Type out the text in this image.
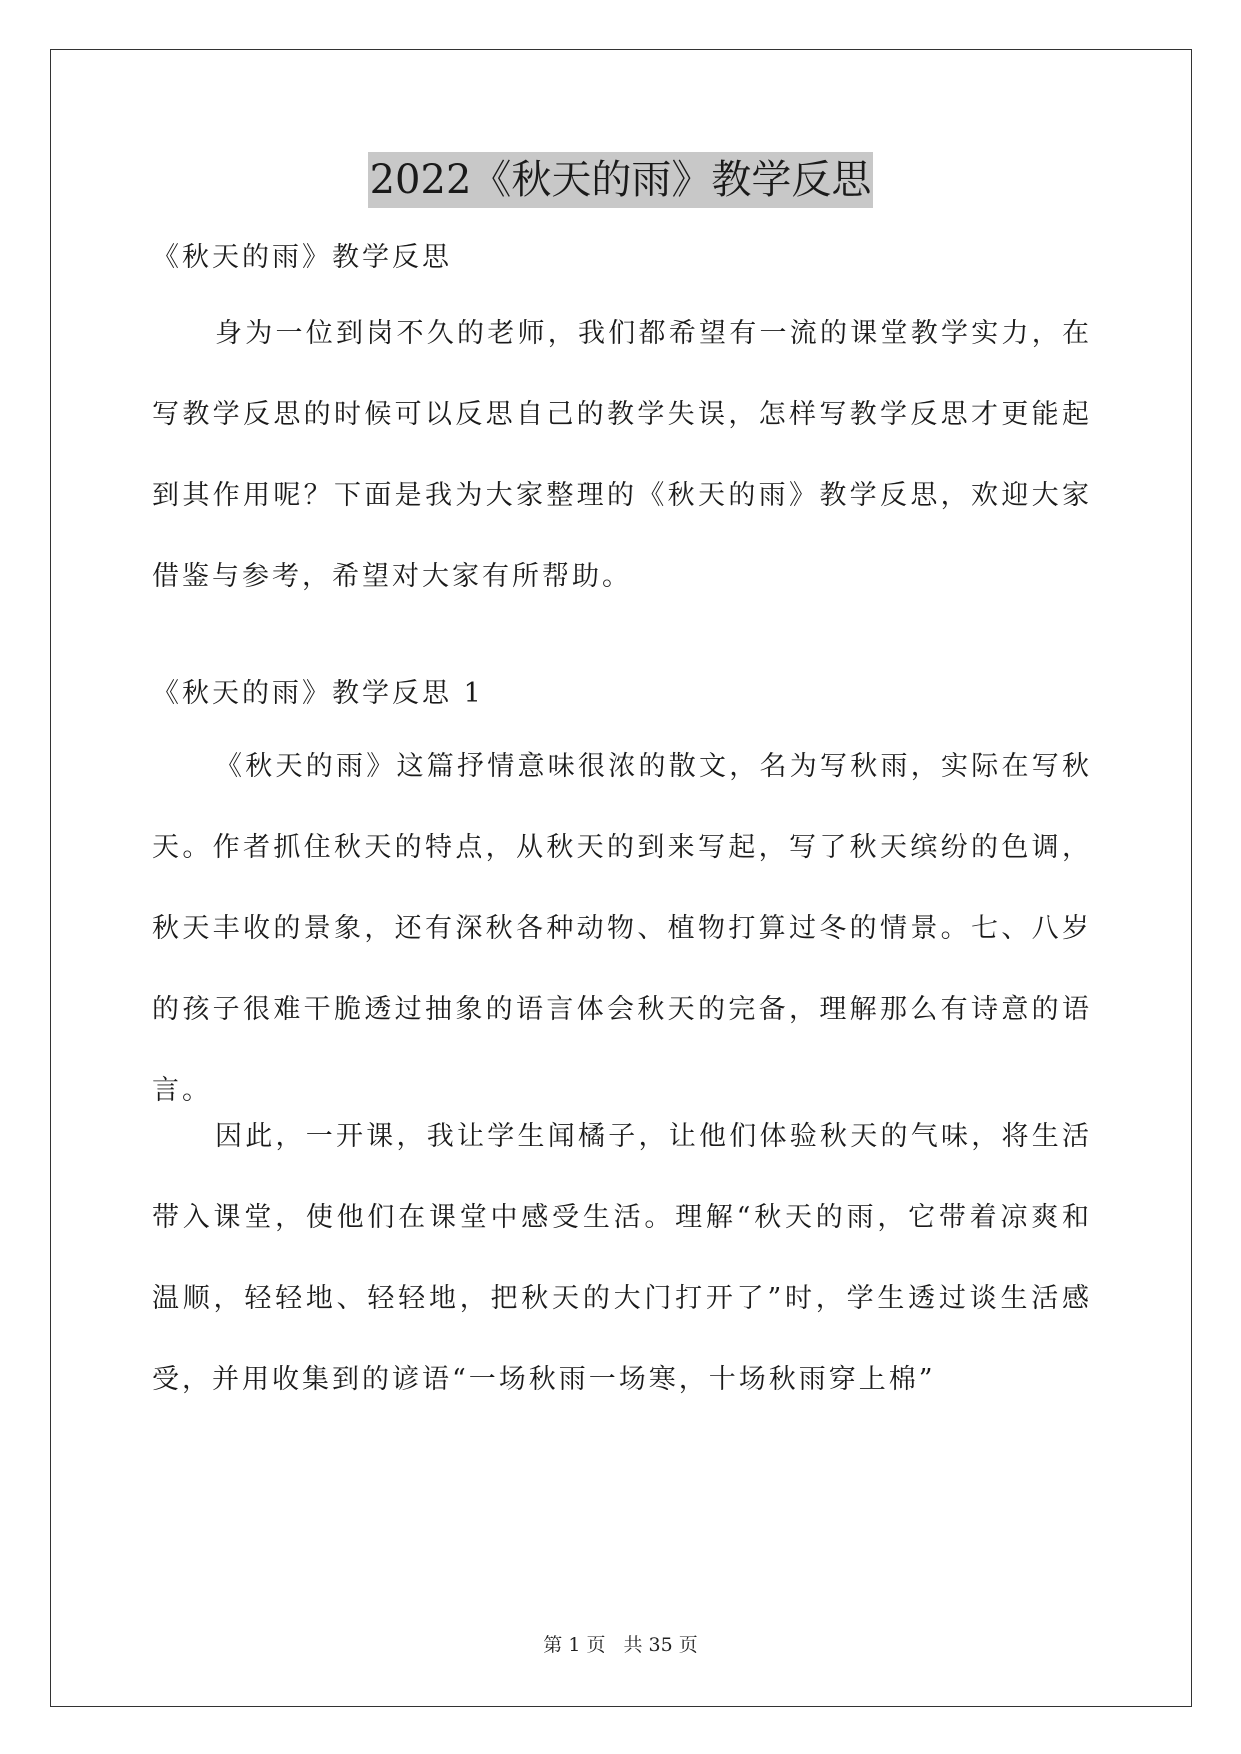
2022《秋天的雨》教学反思

《秋天的雨》教学反思

身为一位到岗不久的老师，我们都希望有一流的课堂教学实力，在写教学反思的时候可以反思自己的教学失误，怎样写教学反思才更能起到其作用呢？下面是我为大家整理的《秋天的雨》教学反思，欢迎大家借鉴与参考，希望对大家有所帮助。

《秋天的雨》教学反思 1

《秋天的雨》这篇抒情意味很浓的散文，名为写秋雨，实际在写秋天。作者抓住秋天的特点，从秋天的到来写起，写了秋天缤纷的色调，秋天丰收的景象，还有深秋各种动物、植物打算过冬的情景。七、八岁的孩子很难干脆透过抽象的语言体会秋天的完备，理解那么有诗意的语言。

因此，一开课，我让学生闻橘子，让他们体验秋天的气味，将生活带入课堂，使他们在课堂中感受生活。理解“秋天的雨，它带着凉爽和温顺，轻轻地、轻轻地，把秋天的大门打开了”时，学生透过谈生活感受，并用收集到的谚语“一场秋雨一场寒，十场秋雨穿上棉”

第 1 页 共 35 页
